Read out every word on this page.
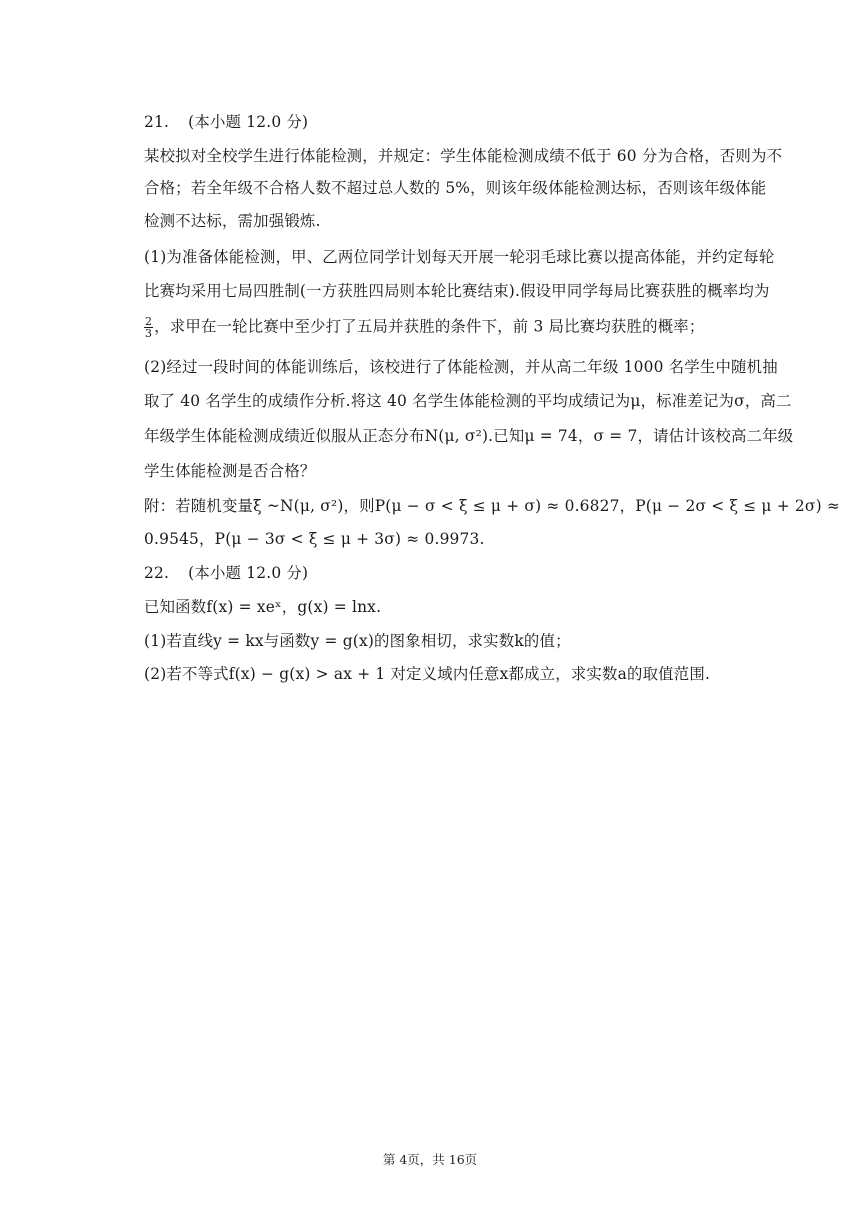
21. (本小题 12.0 分)
某校拟对全校学生进行体能检测，并规定：学生体能检测成绩不低于 60 分为合格，否则为不
合格；若全年级不合格人数不超过总人数的 5%，则该年级体能检测达标，否则该年级体能
检测不达标，需加强锻炼.
(1)为准备体能检测，甲、乙两位同学计划每天开展一轮羽毛球比赛以提高体能，并约定每轮
比赛均采用七局四胜制(一方获胜四局则本轮比赛结束).假设甲同学每局比赛获胜的概率均为
$\frac{2}{3}$ ，求甲在一轮比赛中至少打了五局并获胜的条件下，前 3 局比赛均获胜的概率；
(2)经过一段时间的体能训练后，该校进行了体能检测，并从高二年级 1000 名学生中随机抽
取了 40 名学生的成绩作分析.将这 40 名学生体能检测的平均成绩记为μ，标准差记为σ，高二
年级学生体能检测成绩近似服从正态分布N(μ, σ²).已知μ = 74，σ = 7，请估计该校高二年级
学生体能检测是否合格？
附：若随机变量ξ ~N(μ, σ²)，则P(μ − σ < ξ ≤ μ + σ) ≈ 0.6827，P(μ − 2σ < ξ ≤ μ + 2σ) ≈
0.9545，P(μ − 3σ < ξ ≤ μ + 3σ) ≈ 0.9973.
22. (本小题 12.0 分)
已知函数f(x) = xeˣ，g(x) = lnx.
(1)若直线y = kx与函数y = g(x)的图象相切，求实数k的值；
(2)若不等式f(x) − g(x) > ax + 1 对定义域内任意x都成立，求实数a的取值范围.
第 4页，共 16页
